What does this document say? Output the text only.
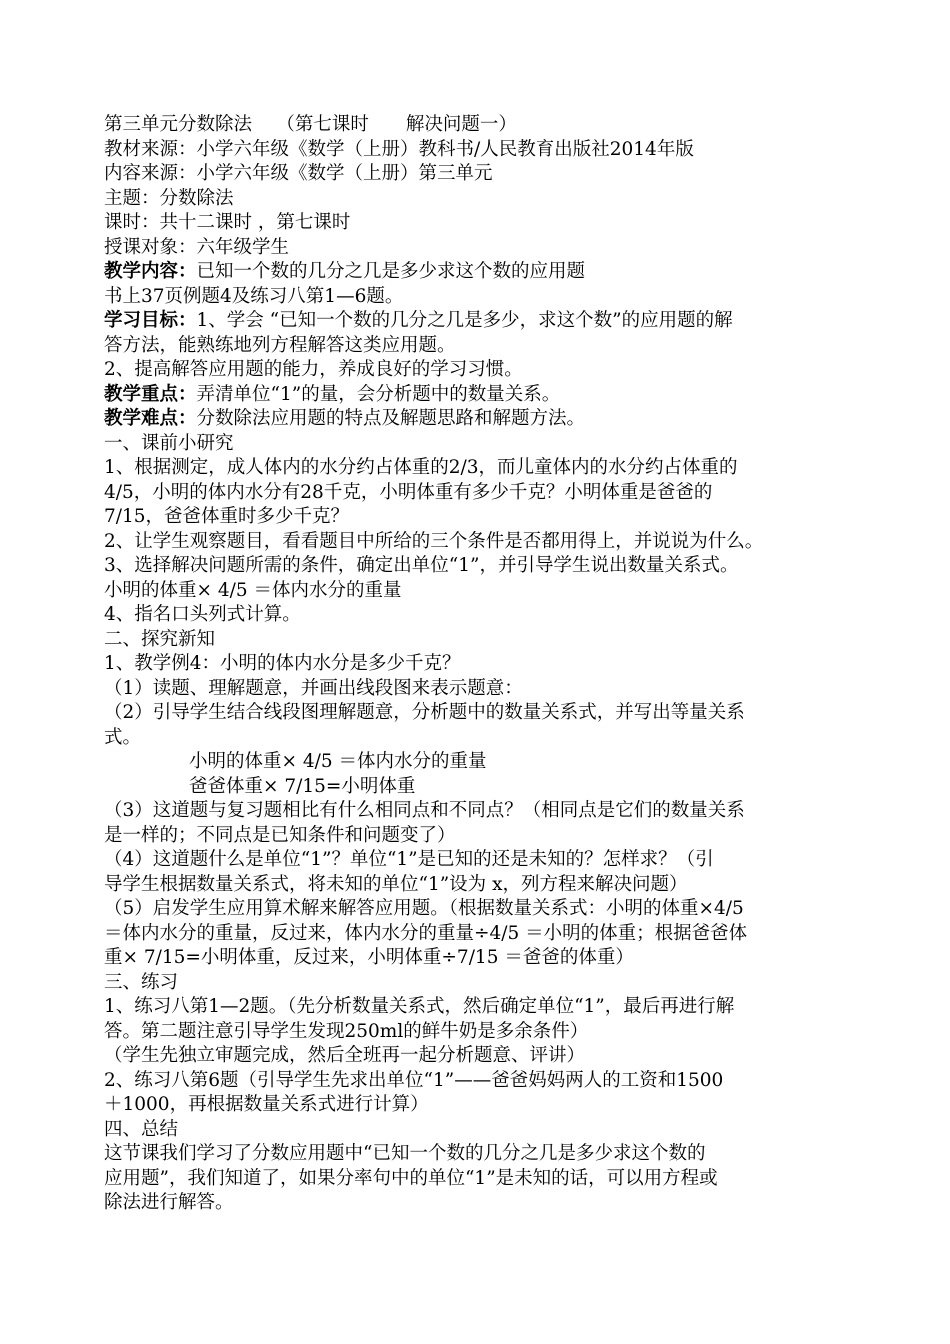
第三单元分数除法　 （第七课时　　解决问题一）
教材来源：小学六年级《数学（上册）教科书/人民教育出版社2014年版
内容来源：小学六年级《数学（上册）第三单元
主题：分数除法
课时：共十二课时 ，第七课时
授课对象：六年级学生
教学内容：已知一个数的几分之几是多少求这个数的应用题
书上37页例题4及练习八第1—6题。
学习目标：1、学会 “已知一个数的几分之几是多少，求这个数”的应用题的解
答方法，能熟练地列方程解答这类应用题。
2、提高解答应用题的能力，养成良好的学习习惯。
教学重点：弄清单位“1”的量，会分析题中的数量关系。
教学难点：分数除法应用题的特点及解题思路和解题方法。
一、课前小研究
1、根据测定，成人体内的水分约占体重的2/3，而儿童体内的水分约占体重的
4/5，小明的体内水分有28千克，小明体重有多少千克？小明体重是爸爸的
7/15，爸爸体重时多少千克？
2、让学生观察题目，看看题目中所给的三个条件是否都用得上，并说说为什么。
3、选择解决问题所需的条件，确定出单位“1”，并引导学生说出数量关系式。
小明的体重× 4/5 ＝体内水分的重量
4、指名口头列式计算。
二、探究新知
1、教学例4：小明的体内水分是多少千克？
（1）读题、理解题意，并画出线段图来表示题意：
（2）引导学生结合线段图理解题意，分析题中的数量关系式，并写出等量关系
式。
小明的体重× 4/5 ＝体内水分的重量
爸爸体重× 7/15=小明体重
（3）这道题与复习题相比有什么相同点和不同点？（相同点是它们的数量关系
是一样的；不同点是已知条件和问题变了）
（4）这道题什么是单位“1”？单位“1”是已知的还是未知的？怎样求？（引
导学生根据数量关系式，将未知的单位“1”设为 x，列方程来解决问题）
（5）启发学生应用算术解来解答应用题。（根据数量关系式：小明的体重×4/5
＝体内水分的重量，反过来，体内水分的重量÷4/5 ＝小明的体重；根据爸爸体
重× 7/15=小明体重，反过来，小明体重÷7/15 ＝爸爸的体重）
三、练习
1、练习八第1—2题。（先分析数量关系式，然后确定单位“1”，最后再进行解
答。第二题注意引导学生发现250ml的鲜牛奶是多余条件）
（学生先独立审题完成，然后全班再一起分析题意、评讲）
2、练习八第6题（引导学生先求出单位“1”——爸爸妈妈两人的工资和1500
＋1000，再根据数量关系式进行计算）
四、总结
这节课我们学习了分数应用题中“已知一个数的几分之几是多少求这个数的
应用题”，我们知道了，如果分率句中的单位“1”是未知的话，可以用方程或
除法进行解答。
